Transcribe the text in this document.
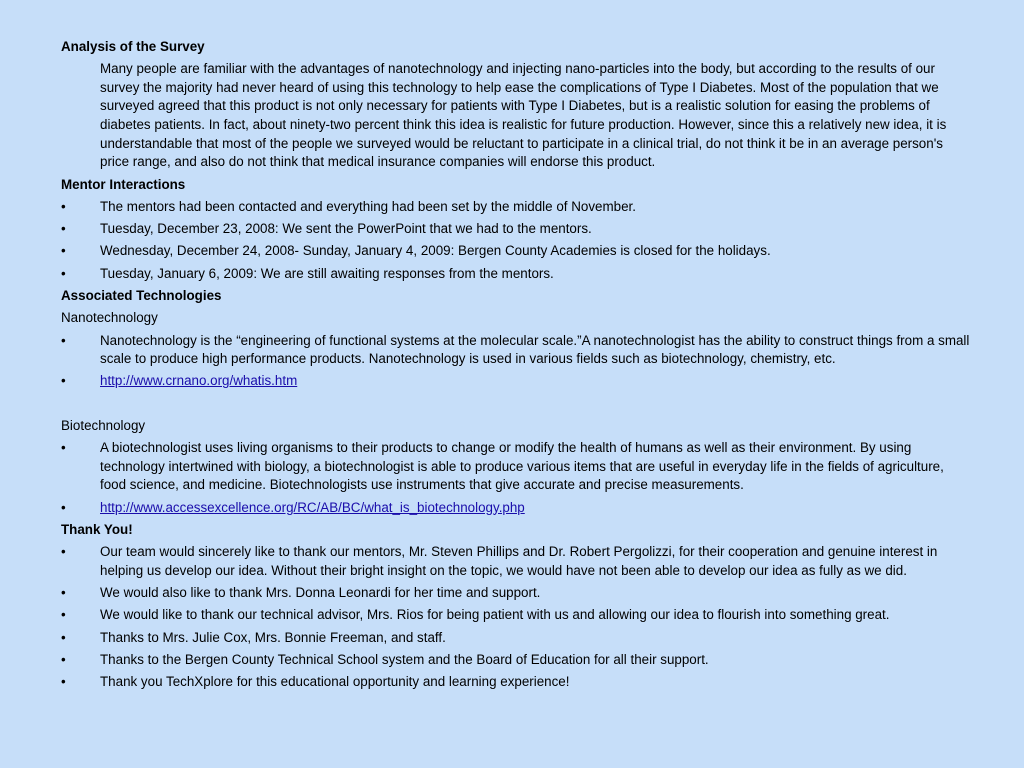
Analysis of the Survey
Many people are familiar with the advantages of nanotechnology and injecting nano-particles into the body, but according to the results of our survey the majority had never heard of using this technology to help ease the complications of Type I Diabetes. Most of the population that we surveyed agreed that this product is not only necessary for patients with Type I Diabetes, but is a realistic solution for easing the problems of diabetes patients. In fact, about ninety-two percent think this idea is realistic for future production. However, since this a relatively new idea, it is understandable that most of the people we surveyed would be reluctant to participate in a clinical trial, do not think it be in an average person's price range, and also do not think that medical insurance companies will endorse this product.
Mentor Interactions
•	The mentors had been contacted and everything had been set by the middle of November.
•	Tuesday, December 23, 2008: We sent the PowerPoint that we had to the mentors.
•	Wednesday, December 24, 2008- Sunday, January 4, 2009: Bergen County Academies is closed for the holidays.
•	Tuesday, January 6, 2009: We are still awaiting responses from the mentors.
Associated Technologies
Nanotechnology
•	Nanotechnology is the “engineering of functional systems at the molecular scale.”A nanotechnologist has the ability to construct things from a small scale to produce high performance products. Nanotechnology is used in various fields such as biotechnology, chemistry, etc.
•	http://www.crnano.org/whatis.htm
Biotechnology
•	A biotechnologist uses living organisms to their products to change or modify the health of humans as well as their environment. By using technology intertwined with biology, a biotechnologist is able to produce various items that are useful in everyday life in the fields of agriculture, food science, and medicine. Biotechnologists use instruments that give accurate and precise measurements.
•	http://www.accessexcellence.org/RC/AB/BC/what_is_biotechnology.php
Thank You!
•	Our team would sincerely like to thank our mentors, Mr. Steven Phillips and Dr. Robert Pergolizzi, for their cooperation and genuine interest in helping us develop our idea. Without their bright insight on the topic, we would have not been able to develop our idea as fully as we did.
•	We would also like to thank Mrs. Donna Leonardi for her time and support.
•	We would like to thank our technical advisor, Mrs. Rios for being patient with us and allowing our idea to flourish into something great.
•	Thanks to Mrs. Julie Cox, Mrs. Bonnie Freeman, and staff.
•	Thanks to the Bergen County Technical School system and the Board of Education for all their support.
•	Thank you TechXplore for this educational opportunity and learning experience!
